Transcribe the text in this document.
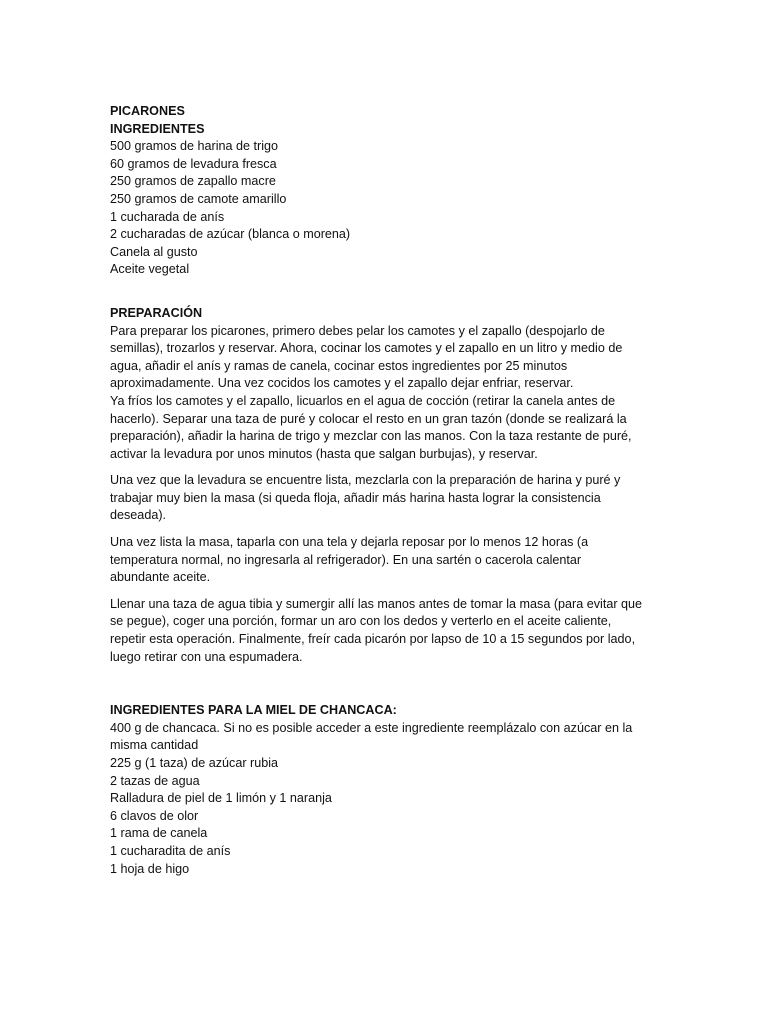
PICARONES
INGREDIENTES
500 gramos de harina de trigo
60 gramos de levadura fresca
250 gramos de zapallo macre
250 gramos de camote amarillo
1 cucharada de anís
2 cucharadas de azúcar (blanca o morena)
Canela al gusto
Aceite vegetal
PREPARACIÓN
Para preparar los picarones, primero debes pelar los camotes y el zapallo (despojarlo de
semillas), trozarlos y reservar. Ahora, cocinar los camotes y el zapallo en un litro y medio de
agua, añadir el anís y ramas de canela, cocinar estos ingredientes por 25 minutos
aproximadamente. Una vez cocidos los camotes y el zapallo dejar enfriar, reservar.
Ya fríos los camotes y el zapallo, licuarlos en el agua de cocción (retirar la canela antes de
hacerlo). Separar una taza de puré y colocar el resto en un gran tazón (donde se realizará la
preparación), añadir la harina de trigo y mezclar con las manos. Con la taza restante de puré,
activar la levadura por unos minutos (hasta que salgan burbujas), y reservar.
Una vez que la levadura se encuentre lista, mezclarla con la preparación de harina y puré y
trabajar muy bien la masa (si queda floja, añadir más harina hasta lograr la consistencia
deseada).
Una vez lista la masa, taparla con una tela y dejarla reposar por lo menos 12 horas (a
temperatura normal, no ingresarla al refrigerador). En una sartén o cacerola calentar
abundante aceite.
Llenar una taza de agua tibia y sumergir allí las manos antes de tomar la masa (para evitar que
se pegue), coger una porción, formar un aro con los dedos y verterlo en el aceite caliente,
repetir esta operación. Finalmente, freír cada picarón por lapso de 10 a 15 segundos por lado,
luego retirar con una espumadera.
INGREDIENTES PARA LA MIEL DE CHANCACA:
400 g de chancaca. Si no es posible acceder a este ingrediente reemplázalo con azúcar en la
misma cantidad
225 g (1 taza) de azúcar rubia
2 tazas de agua
Ralladura de piel de 1 limón y 1 naranja
6 clavos de olor
1 rama de canela
1 cucharadita de anís
1 hoja de higo
